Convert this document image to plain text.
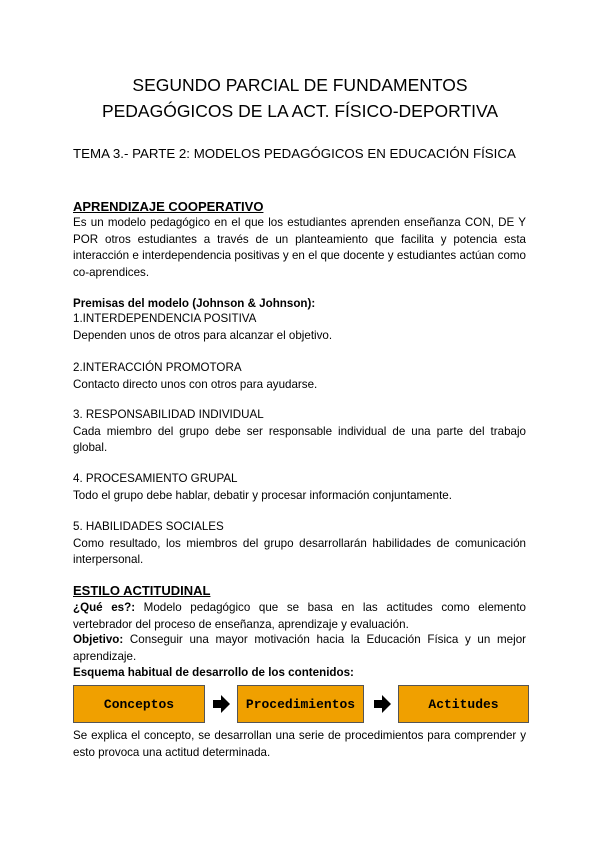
SEGUNDO PARCIAL DE FUNDAMENTOS
PEDAGÓGICOS DE LA ACT. FÍSICO-DEPORTIVA
TEMA 3.- PARTE 2: MODELOS PEDAGÓGICOS EN EDUCACIÓN FÍSICA
APRENDIZAJE COOPERATIVO
Es un modelo pedagógico en el que los estudiantes aprenden enseñanza CON, DE Y POR otros estudiantes a través de un planteamiento que facilita y potencia esta interacción e interdependencia positivas y en el que docente y estudiantes actúan como co-aprendices.
Premisas del modelo (Johnson & Johnson):
1.INTERDEPENDENCIA POSITIVA
Dependen unos de otros para alcanzar el objetivo.
2.INTERACCIÓN PROMOTORA
Contacto directo unos con otros para ayudarse.
3. RESPONSABILIDAD INDIVIDUAL
Cada miembro del grupo debe ser responsable individual de una parte del trabajo global.
4. PROCESAMIENTO GRUPAL
Todo el grupo debe hablar, debatir y procesar información conjuntamente.
5. HABILIDADES SOCIALES
Como resultado, los miembros del grupo desarrollarán habilidades de comunicación interpersonal.
ESTILO ACTITUDINAL
¿Qué es?: Modelo pedagógico que se basa en las actitudes como elemento vertebrador del proceso de enseñanza, aprendizaje y evaluación.
Objetivo: Conseguir una mayor motivación hacia la Educación Física y un mejor aprendizaje.
Esquema habitual de desarrollo de los contenidos:
Conceptos	Procedimientos	Actitudes
Se explica el concepto, se desarrollan una serie de procedimientos para comprender y esto provoca una actitud determinada.
